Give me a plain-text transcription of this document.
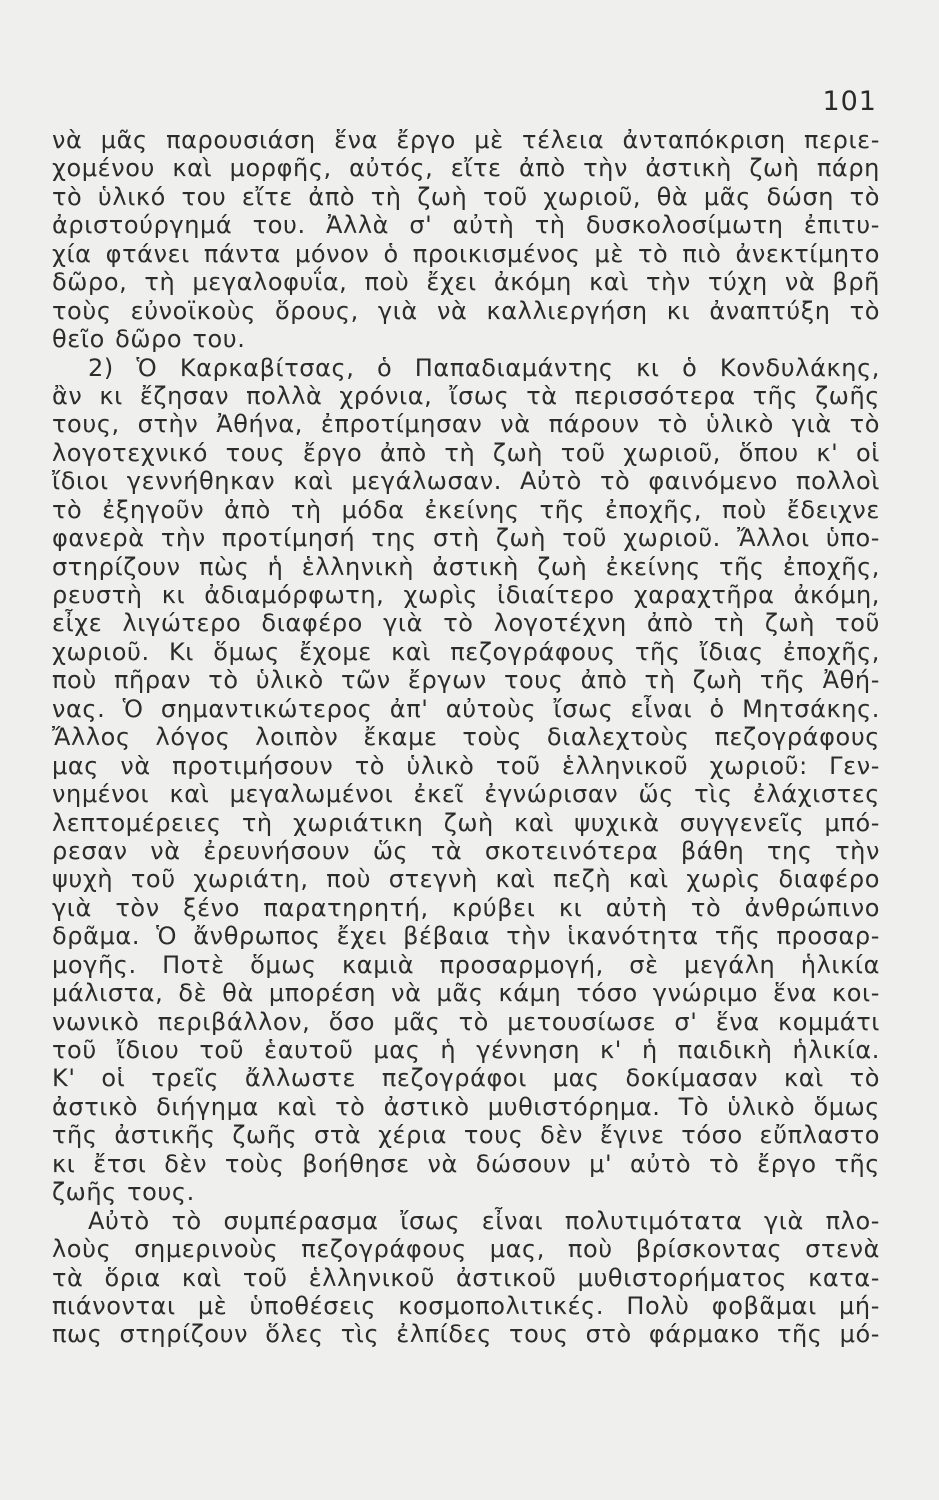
101
νὰ μᾶς παρουσιάση ἕνα ἔργο μὲ τέλεια ἀνταπόκριση περιε-
χομένου καὶ μορφῆς, αὐτός, εἴτε ἀπὸ τὴν ἀστικὴ ζωὴ πάρη
τὸ ὑλικό του εἴτε ἀπὸ τὴ ζωὴ τοῦ χωριοῦ, θὰ μᾶς δώση τὸ
ἀριστούργημά του. Ἀλλὰ σ' αὐτὴ τὴ δυσκολοσίμωτη ἐπιτυ-
χία φτάνει πάντα μόνον ὁ προικισμένος μὲ τὸ πιὸ ἀνεκτίμητο
δῶρο, τὴ μεγαλοφυΐα, ποὺ ἔχει ἀκόμη καὶ τὴν τύχη νὰ βρῆ
τοὺς εὐνοϊκοὺς ὅρους, γιὰ νὰ καλλιεργήση κι ἀναπτύξη τὸ
θεῖο δῶρο του.
2) Ὁ Καρκαβίτσας, ὁ Παπαδιαμάντης κι ὁ Κονδυλάκης,
ἂν κι ἔζησαν πολλὰ χρόνια, ἴσως τὰ περισσότερα τῆς ζωῆς
τους, στὴν Ἀθήνα, ἐπροτίμησαν νὰ πάρουν τὸ ὑλικὸ γιὰ τὸ
λογοτεχνικό τους ἔργο ἀπὸ τὴ ζωὴ τοῦ χωριοῦ, ὅπου κ' οἱ
ἴδιοι γεννήθηκαν καὶ μεγάλωσαν. Αὐτὸ τὸ φαινόμενο πολλοὶ
τὸ ἐξηγοῦν ἀπὸ τὴ μόδα ἐκείνης τῆς ἐποχῆς, ποὺ ἔδειχνε
φανερὰ τὴν προτίμησή της στὴ ζωὴ τοῦ χωριοῦ. Ἄλλοι ὑπο-
στηρίζουν πὼς ἡ ἑλληνικὴ ἀστικὴ ζωὴ ἐκείνης τῆς ἐποχῆς,
ρευστὴ κι ἀδιαμόρφωτη, χωρὶς ἰδιαίτερο χαραχτῆρα ἀκόμη,
εἶχε λιγώτερο διαφέρο γιὰ τὸ λογοτέχνη ἀπὸ τὴ ζωὴ τοῦ
χωριοῦ. Κι ὅμως ἔχομε καὶ πεζογράφους τῆς ἴδιας ἐποχῆς,
ποὺ πῆραν τὸ ὑλικὸ τῶν ἔργων τους ἀπὸ τὴ ζωὴ τῆς Ἀθή-
νας. Ὁ σημαντικώτερος ἀπ' αὐτοὺς ἴσως εἶναι ὁ Μητσάκης.
Ἄλλος λόγος λοιπὸν ἔκαμε τοὺς διαλεχτοὺς πεζογράφους
μας νὰ προτιμήσουν τὸ ὑλικὸ τοῦ ἑλληνικοῦ χωριοῦ: Γεν-
νημένοι καὶ μεγαλωμένοι ἐκεῖ ἐγνώρισαν ὥς τὶς ἐλάχιστες
λεπτομέρειες τὴ χωριάτικη ζωὴ καὶ ψυχικὰ συγγενεῖς μπό-
ρεσαν νὰ ἐρευνήσουν ὥς τὰ σκοτεινότερα βάθη της τὴν
ψυχὴ τοῦ χωριάτη, ποὺ στεγνὴ καὶ πεζὴ καὶ χωρὶς διαφέρο
γιὰ τὸν ξένο παρατηρητή, κρύβει κι αὐτὴ τὸ ἀνθρώπινο
δρᾶμα. Ὁ ἄνθρωπος ἔχει βέβαια τὴν ἱκανότητα τῆς προσαρ-
μογῆς. Ποτὲ ὅμως καμιὰ προσαρμογή, σὲ μεγάλη ἡλικία
μάλιστα, δὲ θὰ μπορέση νὰ μᾶς κάμη τόσο γνώριμο ἕνα κοι-
νωνικὸ περιβάλλον, ὅσο μᾶς τὸ μετουσίωσε σ' ἕνα κομμάτι
τοῦ ἴδιου τοῦ ἑαυτοῦ μας ἡ γέννηση κ' ἡ παιδικὴ ἡλικία.
Κ' οἱ τρεῖς ἄλλωστε πεζογράφοι μας δοκίμασαν καὶ τὸ
ἀστικὸ διήγημα καὶ τὸ ἀστικὸ μυθιστόρημα. Τὸ ὑλικὸ ὅμως
τῆς ἀστικῆς ζωῆς στὰ χέρια τους δὲν ἔγινε τόσο εὔπλαστο
κι ἔτσι δὲν τοὺς βοήθησε νὰ δώσουν μ' αὐτὸ τὸ ἔργο τῆς
ζωῆς τους.
Αὐτὸ τὸ συμπέρασμα ἴσως εἶναι πολυτιμότατα γιὰ πλο-
λοὺς σημερινοὺς πεζογράφους μας, ποὺ βρίσκοντας στενὰ
τὰ ὅρια καὶ τοῦ ἑλληνικοῦ ἀστικοῦ μυθιστορήματος κατα-
πιάνονται μὲ ὑποθέσεις κοσμοπολιτικές. Πολὺ φοβᾶμαι μή-
πως στηρίζουν ὅλες τὶς ἐλπίδες τους στὸ φάρμακο τῆς μό-
